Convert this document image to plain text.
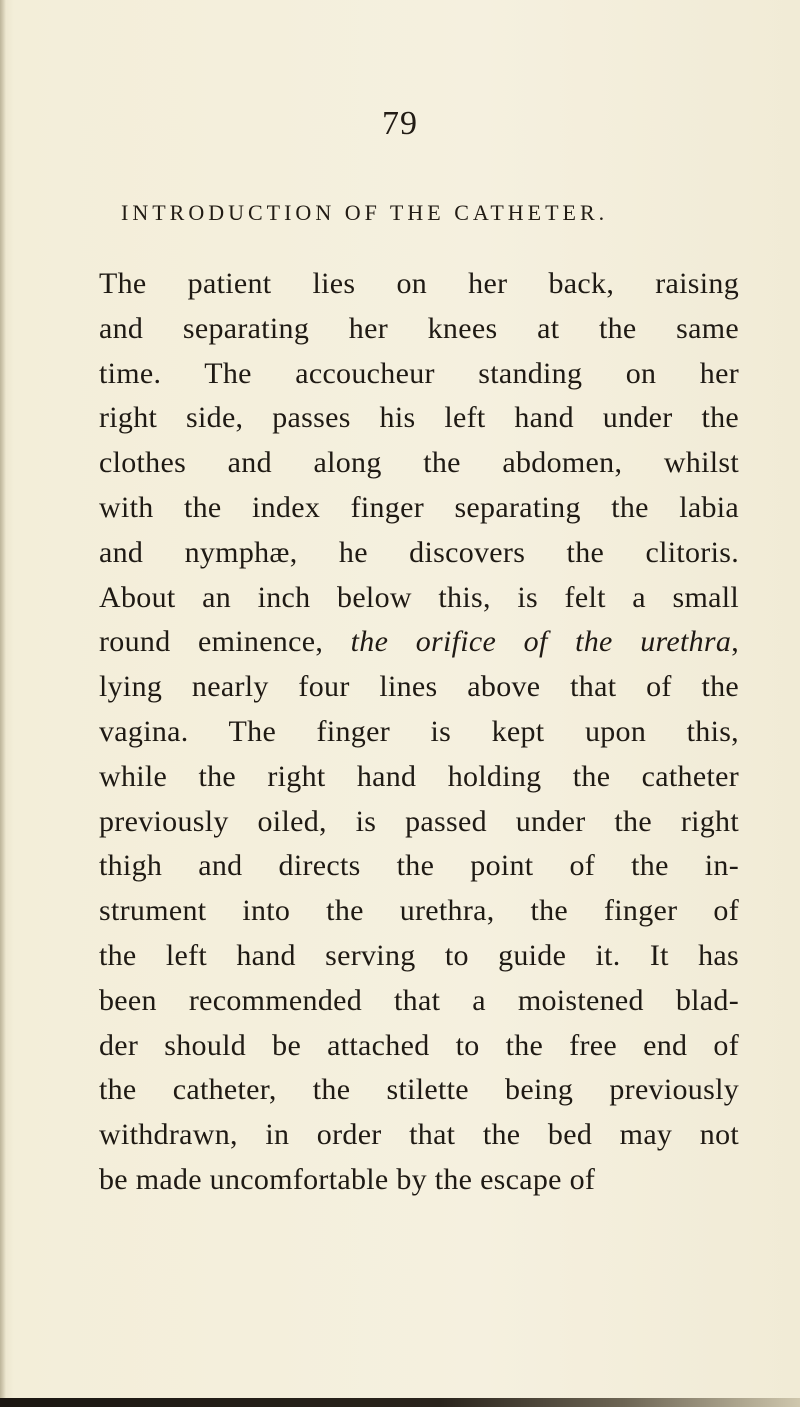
79
INTRODUCTION OF THE CATHETER.
The patient lies on her back, raising
and separating her knees at the same
time. The accoucheur standing on her
right side, passes his left hand under the
clothes and along the abdomen, whilst
with the index finger separating the labia
and nymphæ, he discovers the clitoris.
About an inch below this, is felt a small
round eminence, the orifice of the urethra,
lying nearly four lines above that of the
vagina. The finger is kept upon this,
while the right hand holding the catheter
previously oiled, is passed under the right
thigh and directs the point of the in-
strument into the urethra, the finger of
the left hand serving to guide it. It has
been recommended that a moistened blad-
der should be attached to the free end of
the catheter, the stilette being previously
withdrawn, in order that the bed may not
be made uncomfortable by the escape of
